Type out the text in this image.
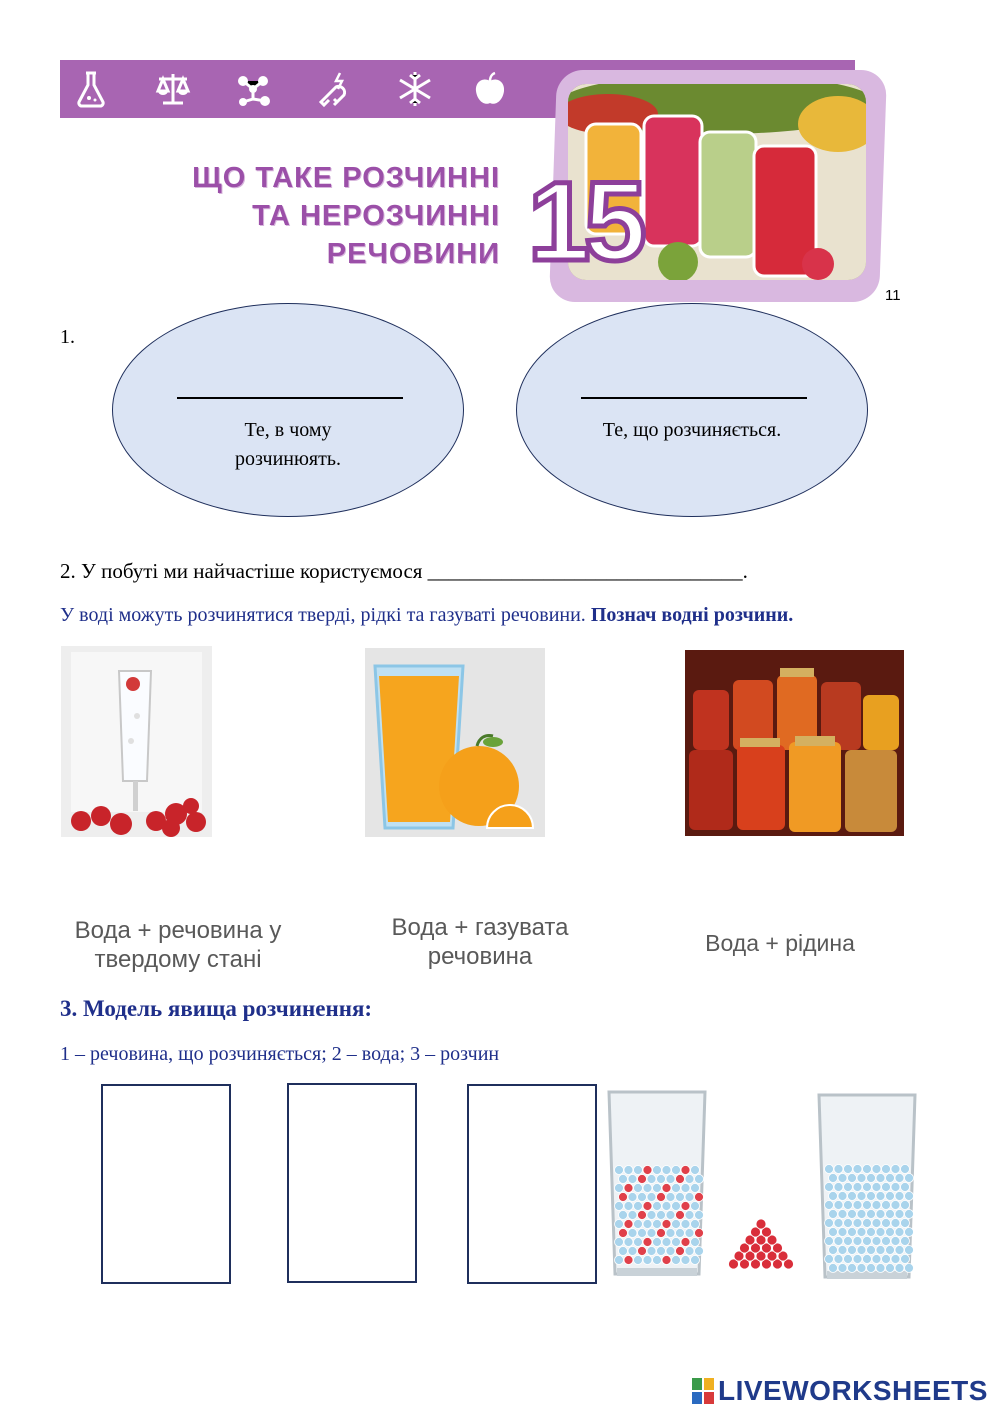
ЩО ТАКЕ РОЗЧИННІ
ТА НЕРОЗЧИННІ
РЕЧОВИНИ 15
11
1.
Те, в чому розчинюять.
Те, що розчиняється.
2. У побуті ми найчастіше користуємося ______________________________.
У воді можуть розчинятися тверді, рідкі та газуваті речовини. Познач водні розчини.
Вода + речовина у твердому стані
Вода + газувата речовина	Вода + рідина
3. Модель явища розчинення:
1 – речовина, що розчиняється; 2 – вода; 3 – розчин
LIVEWORKSHEETS
